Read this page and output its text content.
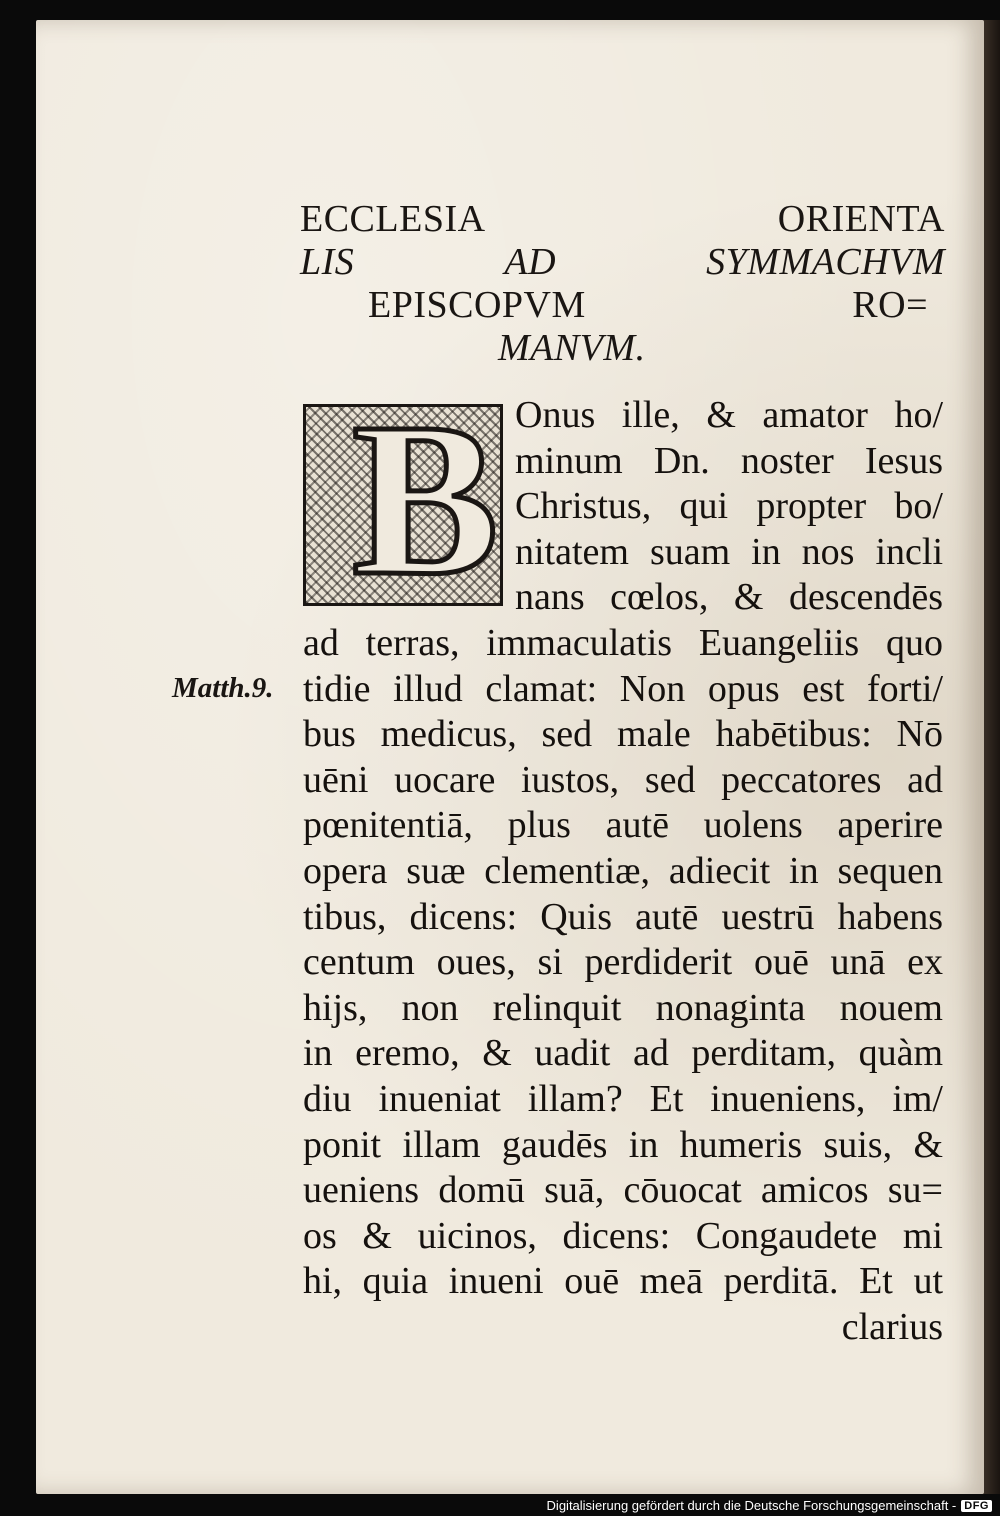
ECCLESIA	ORIENTA
LIS	AD	SYMMACHVM
EPISCOPVM	RO=
MANVM.
B
Matth.9.
Onus ille, & amator ho/
minum Dn. noster Iesus
Christus, qui propter bo/
nitatem suam in nos incli
nans cœlos, & descendēs
ad terras, immaculatis Euangeliis quo
tidie illud clamat: Non opus est forti/
bus medicus, sed male habētibus: Nō
uēni uocare iustos, sed peccatores ad
pœnitentiā, plus autē uolens aperire
opera suæ clementiæ, adiecit in sequen
tibus, dicens: Quis autē uestrū habens
centum oues, si perdiderit ouē unā ex
hijs, non relinquit nonaginta nouem
in eremo, & uadit ad perditam, quàm
diu inueniat illam? Et inueniens, im/
ponit illam gaudēs in humeris suis, &
ueniens domū suā, cōuocat amicos su=
os & uicinos, dicens: Congaudete mi
hi, quia inueni ouē meā perditā. Et ut
clarius
Digitalisierung gefördert durch die Deutsche Forschungsgemeinschaft - DFG
